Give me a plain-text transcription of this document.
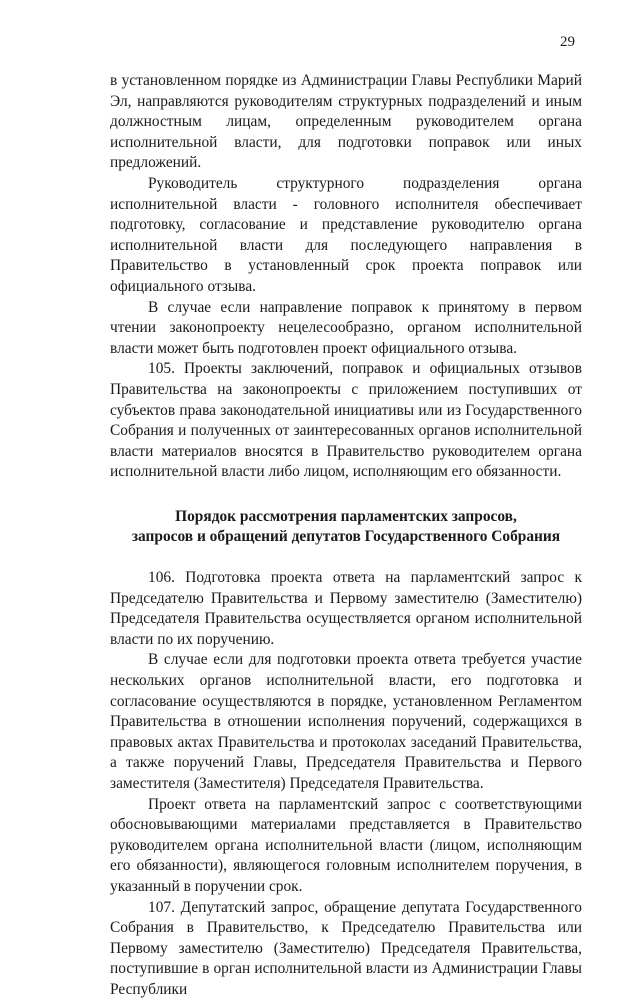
29

в установленном порядке из Администрации Главы Республики Марий Эл, направляются руководителям структурных подразделений и иным должностным лицам, определенным руководителем органа исполнительной власти, для подготовки поправок или иных предложений.

Руководитель структурного подразделения органа исполнительной власти - головного исполнителя обеспечивает подготовку, согласование и представление руководителю органа исполнительной власти для последующего направления в Правительство в установленный срок проекта поправок или официального отзыва.

В случае если направление поправок к принятому в первом чтении законопроекту нецелесообразно, органом исполнительной власти может быть подготовлен проект официального отзыва.

105. Проекты заключений, поправок и официальных отзывов Правительства на законопроекты с приложением поступивших от субъектов права законодательной инициативы или из Государственного Собрания и полученных от заинтересованных органов исполнительной власти материалов вносятся в Правительство руководителем органа исполнительной власти либо лицом, исполняющим его обязанности.

Порядок рассмотрения парламентских запросов,
запросов и обращений депутатов Государственного Собрания

106. Подготовка проекта ответа на парламентский запрос к Председателю Правительства и Первому заместителю (Заместителю) Председателя Правительства осуществляется органом исполнительной власти по их поручению.

В случае если для подготовки проекта ответа требуется участие нескольких органов исполнительной власти, его подготовка и согласование осуществляются в порядке, установленном Регламентом Правительства в отношении исполнения поручений, содержащихся в правовых актах Правительства и протоколах заседаний Правительства, а также поручений Главы, Председателя Правительства и Первого заместителя (Заместителя) Председателя Правительства.

Проект ответа на парламентский запрос с соответствующими обосновывающими материалами представляется в Правительство руководителем органа исполнительной власти (лицом, исполняющим его обязанности), являющегося головным исполнителем поручения, в указанный в поручении срок.

107. Депутатский запрос, обращение депутата Государственного Собрания в Правительство, к Председателю Правительства или Первому заместителю (Заместителю) Председателя Правительства, поступившие в орган исполнительной власти из Администрации Главы Республики
